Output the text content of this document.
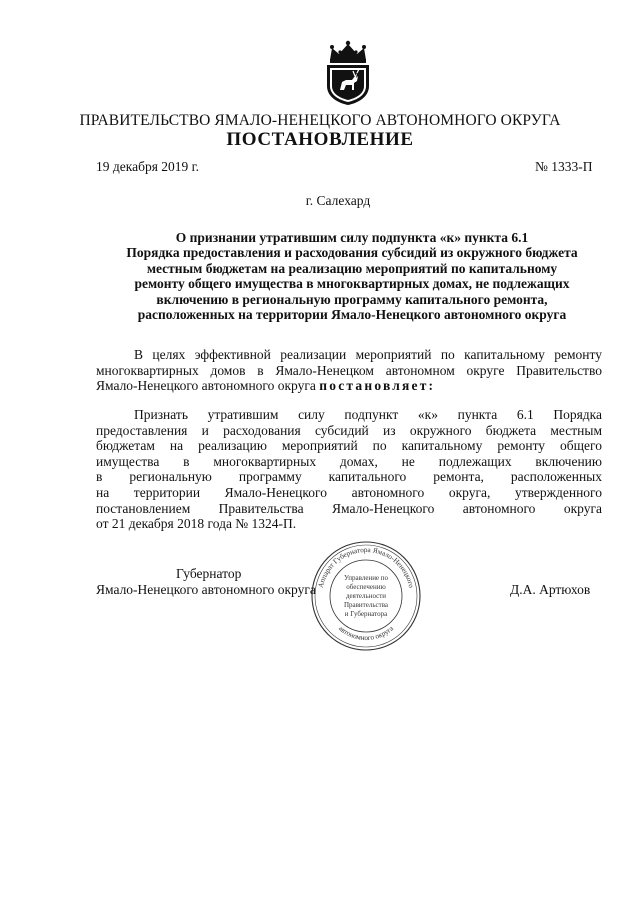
ПРАВИТЕЛЬСТВО ЯМАЛО-НЕНЕЦКОГО АВТОНОМНОГО ОКРУГА
ПОСТАНОВЛЕНИЕ
19 декабря 2019 г.	№ 1333-П
г. Салехард
О признании утратившим силу подпункта «к» пункта 6.1
Порядка предоставления и расходования субсидий из окружного бюджета
местным бюджетам на реализацию мероприятий по капитальному
ремонту общего имущества в многоквартирных домах, не подлежащих
включению в региональную программу капитального ремонта,
расположенных на территории Ямало-Ненецкого автономного округа
В целях эффективной реализации мероприятий по капитальному ремонту
многоквартирных домов в Ямало-Ненецком автономном округе Правительство
Ямало-Ненецкого автономного округа постановляет:
Признать утратившим силу подпункт «к» пункта 6.1 Порядка
предоставления и расходования субсидий из окружного бюджета местным
бюджетам на реализацию мероприятий по капитальному ремонту общего
имущества в многоквартирных домах, не подлежащих включению
в региональную программу капитального ремонта, расположенных
на территории Ямало-Ненецкого автономного округа, утвержденного
постановлением Правительства Ямало-Ненецкого автономного округа
от 21 декабря 2018 года № 1324-П.
Губернатор
Ямало-Ненецкого автономного округа	Д.А. Артюхов
Аппарат Губернатора Ямало-Ненецкого
автономного округа
Управление по
обеспечению
деятельности
Правительства
и Губернатора
